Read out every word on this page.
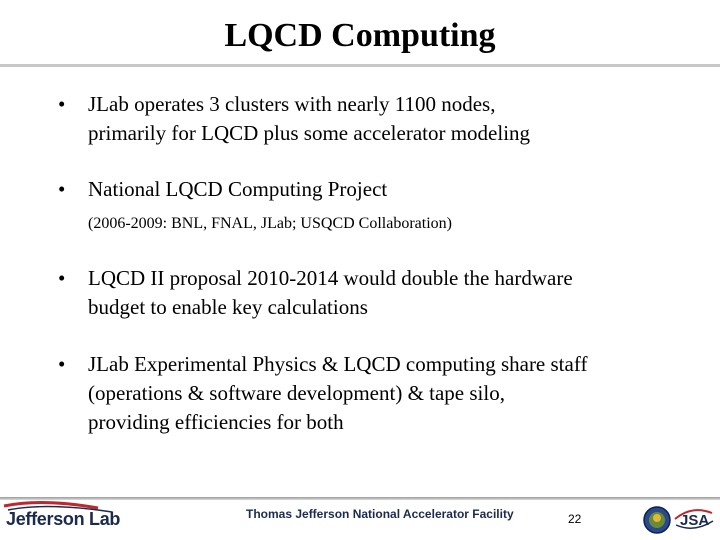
LQCD Computing
•	JLab operates 3 clusters with nearly 1100 nodes,
primarily for LQCD plus some accelerator modeling
•	National LQCD Computing Project
(2006-2009: BNL, FNAL, JLab; USQCD Collaboration)
•	LQCD II proposal 2010-2014 would double the hardware
budget to enable key calculations
•	JLab Experimental Physics & LQCD computing share staff
(operations & software development) & tape silo,
providing efficiencies for both
Jefferson Lab	Thomas Jefferson National Accelerator Facility	22	JSA
